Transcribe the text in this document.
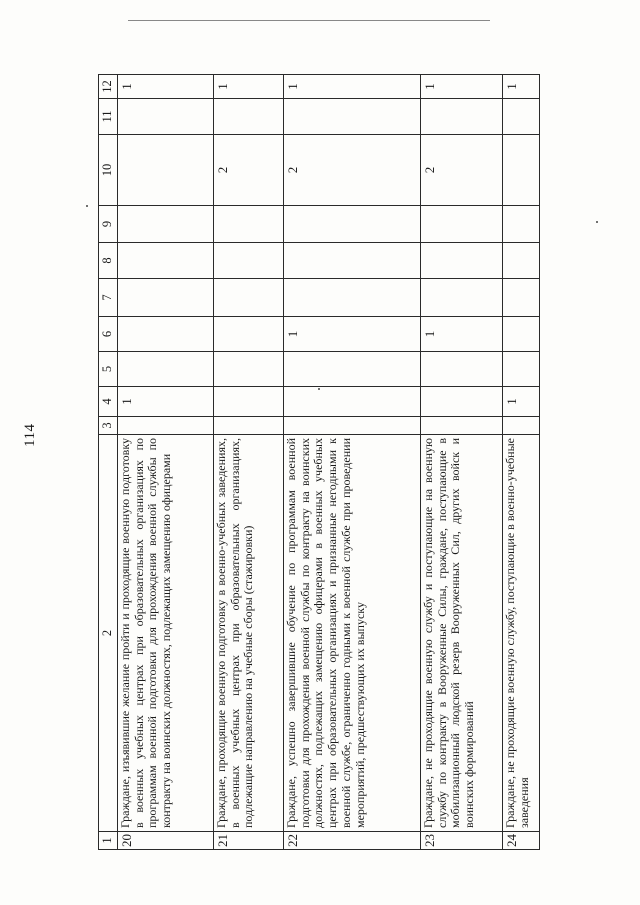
114
1	2	3	4	5	6	7	8	9	10	11	12
20	Граждане, изъявившие желание пройти и проходящие военную подготовку в военных учебных центрах при образовательных организациях по программам военной подготовки для прохождения военной службы по контракту на воинских должностях, подлежащих замещению офицерами		1								1
21	Граждане, проходящие военную подготовку в военно-учебных заведениях, в военных учебных центрах при образовательных организациях, подлежащие направлению на учебные сборы (стажировки)								2		1
22	Граждане, успешно завершившие обучение по программам военной подготовки для прохождения военной службы по контракту на воинских должностях, подлежащих замещению офицерами в военных учебных центрах при образовательных организациях и признанные негодными к военной службе, ограниченно годными к военной службе при проведении мероприятий, предшествующих их выпуску				1				2		1
23	Граждане, не проходящие военную службу и поступающие на военную службу по контракту в Вооруженные Силы, граждане, поступающие в мобилизационный людской резерв Вооруженных Сил, других войск и воинских формирований				1				2		1
24	Граждане, не проходящие военную службу, поступающие в военно-учебные заведения		1								1
